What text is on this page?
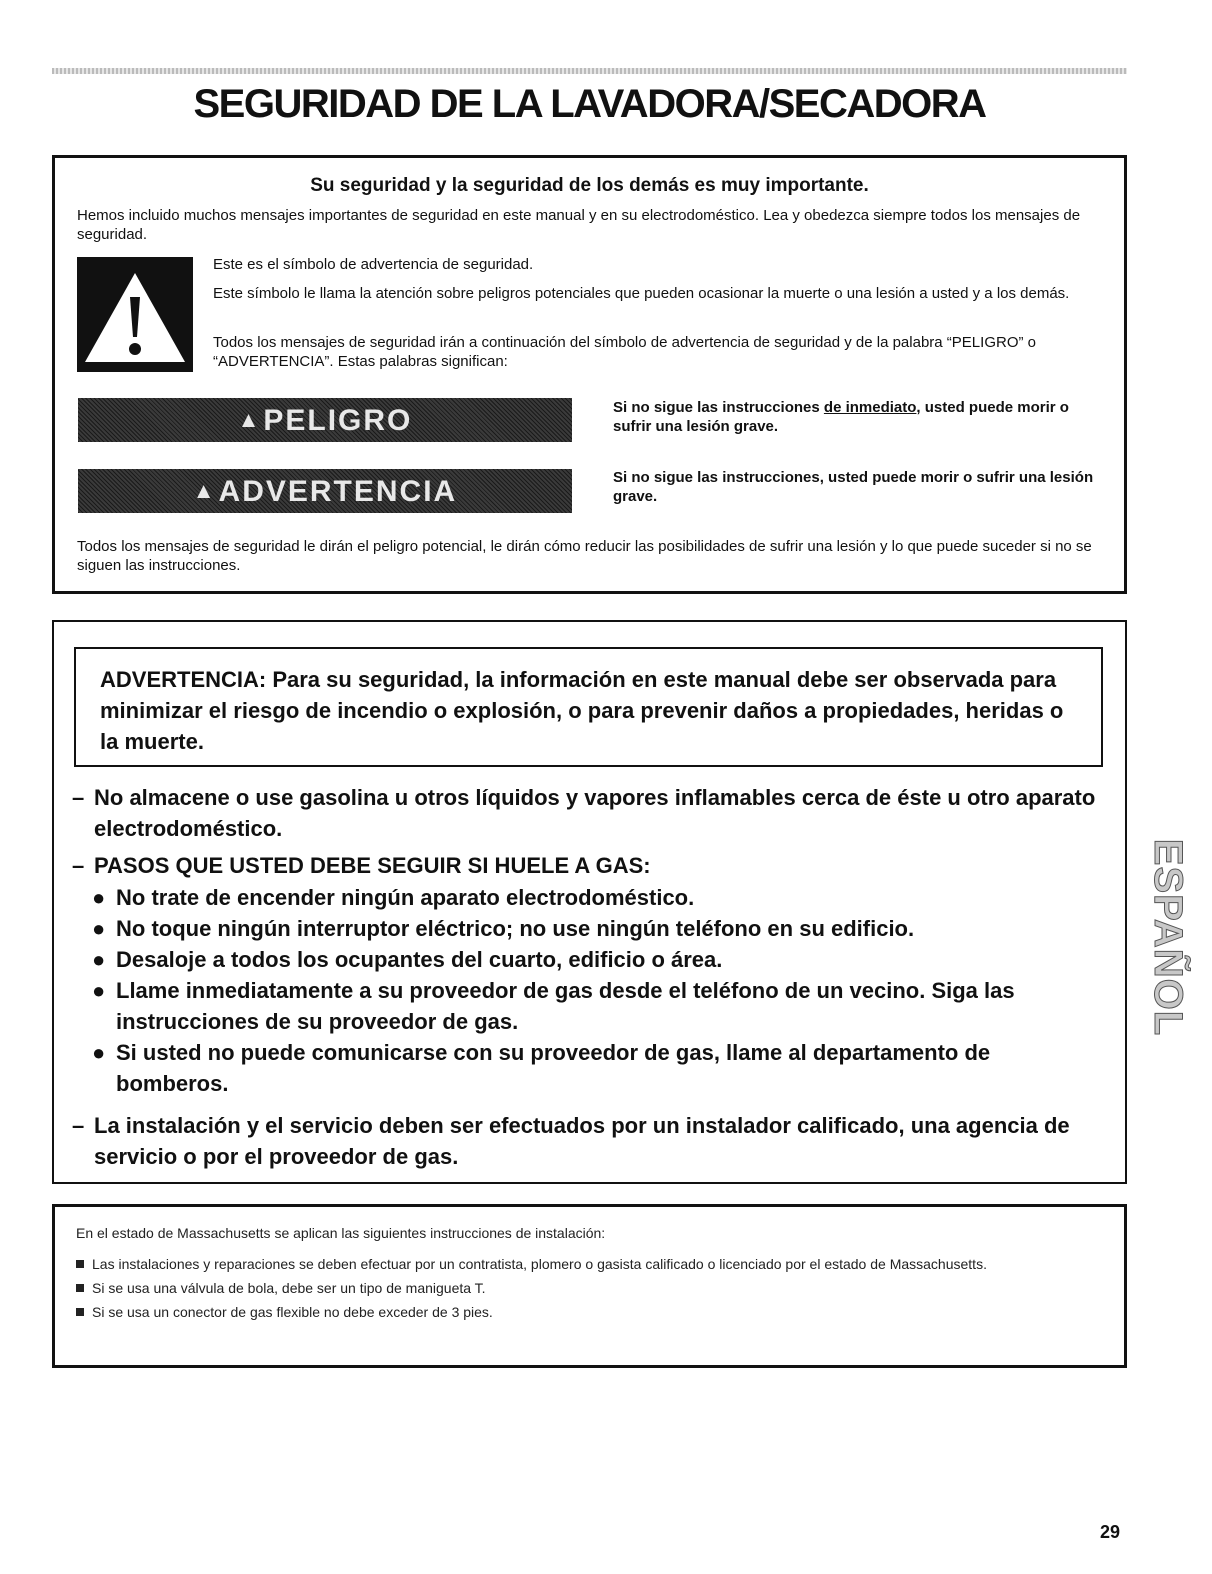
SEGURIDAD DE LA LAVADORA/SECADORA
Su seguridad y la seguridad de los demás es muy importante.
Hemos incluido muchos mensajes importantes de seguridad en este manual y en su electrodoméstico. Lea y obedezca siempre todos los mensajes de seguridad.
Este es el símbolo de advertencia de seguridad.
Este símbolo le llama la atención sobre peligros potenciales que pueden ocasionar la muerte o una lesión a usted y a los demás.
Todos los mensajes de seguridad irán a continuación del símbolo de advertencia de seguridad y de la palabra “PELIGRO” o “ADVERTENCIA”. Estas palabras significan:
▲PELIGRO	Si no sigue las instrucciones de inmediato, usted puede morir o sufrir una lesión grave.
▲ADVERTENCIA	Si no sigue las instrucciones, usted puede morir o sufrir una lesión grave.
Todos los mensajes de seguridad le dirán el peligro potencial, le dirán cómo reducir las posibilidades de sufrir una lesión y lo que puede suceder si no se siguen las instrucciones.
ADVERTENCIA: Para su seguridad, la información en este manual debe ser observada para minimizar el riesgo de incendio o explosión, o para prevenir daños a propiedades, heridas o la muerte.
– No almacene o use gasolina u otros líquidos y vapores inflamables cerca de éste u otro aparato electrodoméstico.
– PASOS QUE USTED DEBE SEGUIR SI HUELE A GAS:
● No trate de encender ningún aparato electrodoméstico.
● No toque ningún interruptor eléctrico; no use ningún teléfono en su edificio.
● Desaloje a todos los ocupantes del cuarto, edificio o área.
● Llame inmediatamente a su proveedor de gas desde el teléfono de un vecino. Siga las instrucciones de su proveedor de gas.
● Si usted no puede comunicarse con su proveedor de gas, llame al departamento de bomberos.
– La instalación y el servicio deben ser efectuados por un instalador calificado, una agencia de servicio o por el proveedor de gas.
En el estado de Massachusetts se aplican las siguientes instrucciones de instalación:
Las instalaciones y reparaciones se deben efectuar por un contratista, plomero o gasista calificado o licenciado por el estado de Massachusetts.
Si se usa una válvula de bola, debe ser un tipo de manigueta T.
Si se usa un conector de gas flexible no debe exceder de 3 pies.
ESPAÑOL
29
